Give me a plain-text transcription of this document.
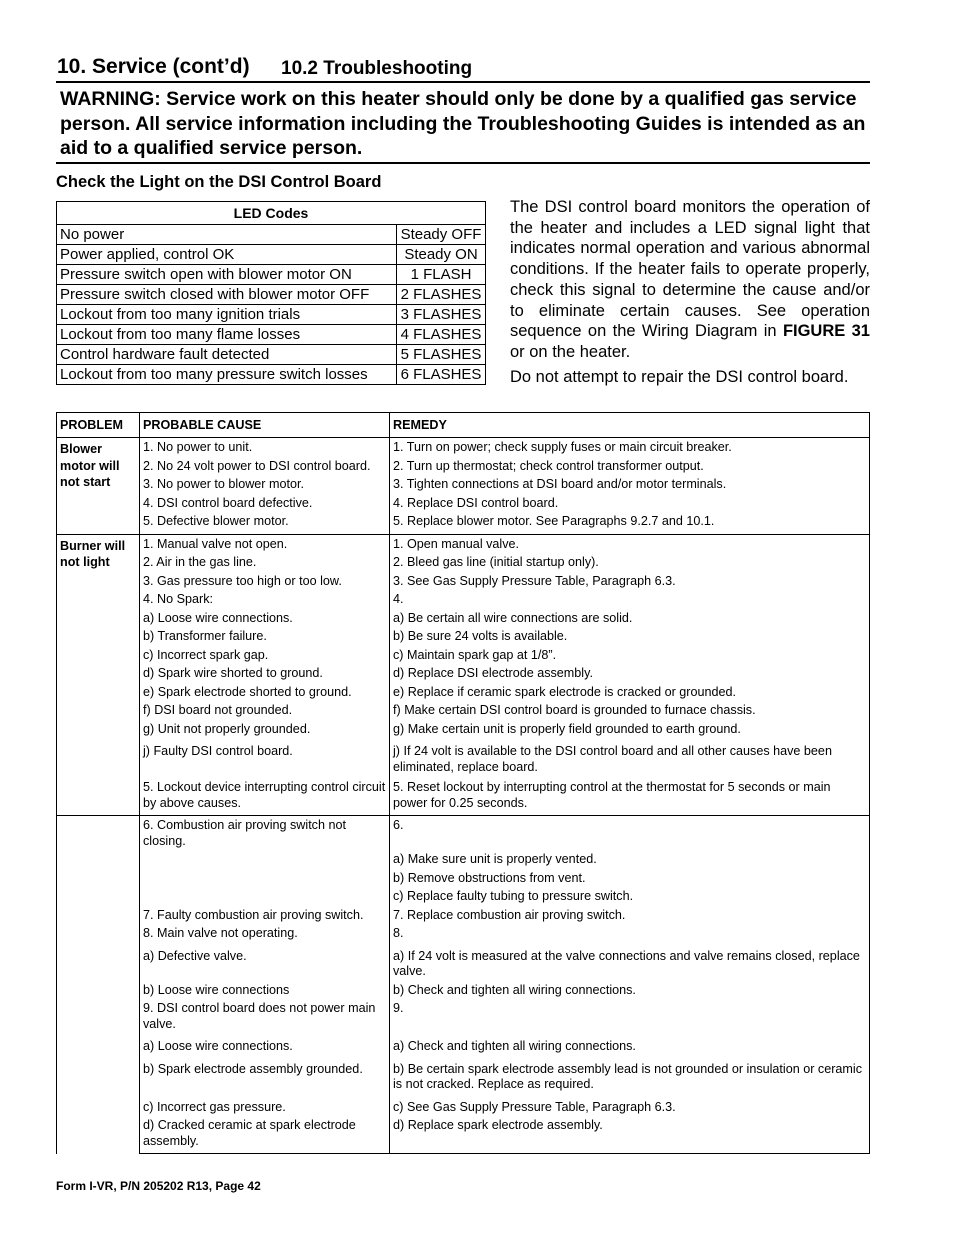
10. Service (cont’d) 10.2 Troubleshooting
WARNING: Service work on this heater should only be done by a qualified gas service person. All service information including the Troubleshooting Guides is intended as an aid to a qualified service person.
Check the Light on the DSI Control Board
LED Codes	
No power	Steady OFF
Power applied, control OK	Steady ON
Pressure switch open with blower motor ON	1 FLASH
Pressure switch closed with blower motor OFF	2 FLASHES
Lockout from too many ignition trials	3 FLASHES
Lockout from too many flame losses	4 FLASHES
Control hardware fault detected	5 FLASHES
Lockout from too many pressure switch losses	6 FLASHES

The DSI control board monitors the operation of the heater and includes a LED signal light that indicates normal operation and various abnormal conditions. If the heater fails to operate properly, check this signal to determine the cause and/or to eliminate certain causes. See operation sequence on the Wiring Diagram in FIGURE 31 or on the heater.

Do not attempt to repair the DSI control board.

PROBLEM	PROBABLE CAUSE	REMEDY
Blower motor will not start	1. No power to unit.	1. Turn on power; check supply fuses or main circuit breaker.
	2. No 24 volt power to DSI control board.	2. Turn up thermostat; check control transformer output.
	3. No power to blower motor.	3. Tighten connections at DSI board and/or motor terminals.
	4. DSI control board defective.	4. Replace DSI control board.
	5. Defective blower motor.	5. Replace blower motor. See Paragraphs 9.2.7 and 10.1.
Burner will not light	1. Manual valve not open.	1. Open manual valve.
	2. Air in the gas line.	2. Bleed gas line (initial startup only).
	3. Gas pressure too high or too low.	3. See Gas Supply Pressure Table, Paragraph 6.3.
	4. No Spark:	4.
	a) Loose wire connections.	a) Be certain all wire connections are solid.
	b) Transformer failure.	b) Be sure 24 volts is available.
	c) Incorrect spark gap.	c) Maintain spark gap at 1/8”.
	d) Spark wire shorted to ground.	d) Replace DSI electrode assembly.
	e) Spark electrode shorted to ground.	e) Replace if ceramic spark electrode is cracked or grounded.
	f) DSI board not grounded.	f) Make certain DSI control board is grounded to furnace chassis.
	g) Unit not properly grounded.	g) Make certain unit is properly field grounded to earth ground.
	j) Faulty DSI control board.	j) If 24 volt is available to the DSI control board and all other causes have been eliminated, replace board.
	5. Lockout device interrupting control circuit by above causes.	5. Reset lockout by interrupting control at the thermostat for 5 seconds or main power for 0.25 seconds.
	6. Combustion air proving switch not closing.	6.
		a) Make sure unit is properly vented.
		b) Remove obstructions from vent.
		c) Replace faulty tubing to pressure switch.
	7. Faulty combustion air proving switch.	7. Replace combustion air proving switch.
	8. Main valve not operating.	8.
	a) Defective valve.	a) If 24 volt is measured at the valve connections and valve remains closed, replace valve.
	b) Loose wire connections	b) Check and tighten all wiring connections.
	9. DSI control board does not power main valve.	9.
	a) Loose wire connections.	a) Check and tighten all wiring connections.
	b) Spark electrode assembly grounded.	b) Be certain spark electrode assembly lead is not grounded or insulation or ceramic is not cracked. Replace as required.
	c) Incorrect gas pressure.	c) See Gas Supply Pressure Table, Paragraph 6.3.
	d) Cracked ceramic at spark electrode assembly.	d) Replace spark electrode assembly.
Form I-VR, P/N 205202 R13, Page 42
